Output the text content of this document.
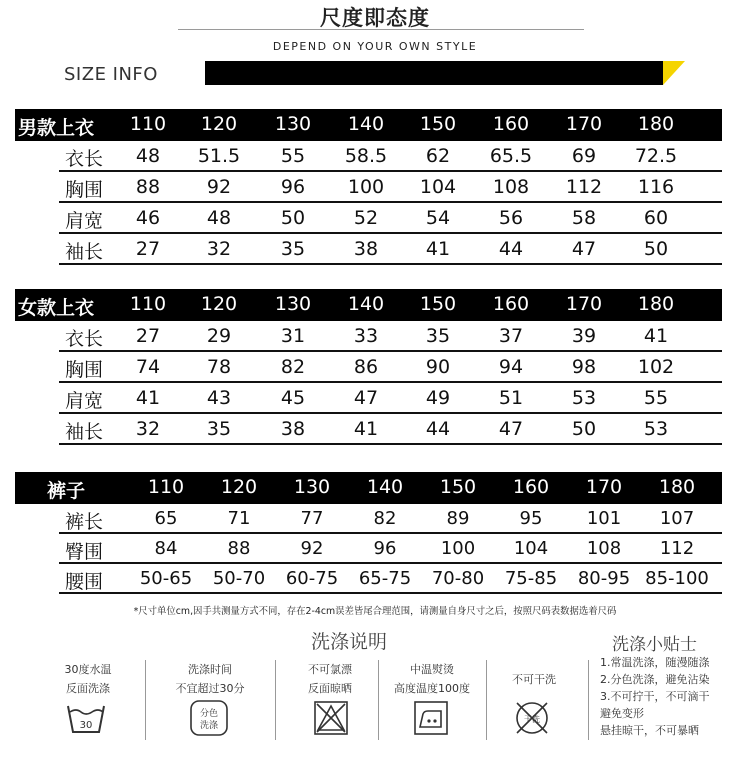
尺度即态度
DEPEND ON YOUR OWN STYLE
SIZE INFO
男款上衣 110 120 130 140 150 160 170 180
衣长 48 51.5 55 58.5 62 65.5 69 72.5
胸围 88 92	96 100 104 108 112 116
肩宽 46 48	50	52	54	56	58	60
袖长 27 32	35	38	41	44	47	50
女款上衣 110 120 130 140 150 160 170 180
衣长 27 29	31	33	35	37	39	41
胸围 74 78	82	86	90	94	98 102
肩宽 41 43	45	47	49	51	53	55
袖长 32 35	38	41	44	47	50	53
裤子	110 120 130 140 150 160 170 180
裤长	65	71	77	82	89	95 101 107
臀围	84	88	92	96 100 104 108 112
腰围 50-65 50-70 60-75 65-75 70-80 75-85 80-95 85-100
*尺寸单位cm,因手共测量方式不同，存在2-4cm误差皆尾合理范围，请测量自身尺寸之后，按照尺码表数据选着尺码
洗涤说明	洗涤小贴士
30度水温
反面洗涤
30
洗涤时间
不宜超过30分
分色
洗涤
不可氯漂
反面晾晒
中温熨烫
高度温度100度
不可干洗
干洗
1.常温洗涤，随漫随涤
2.分色洗涤，避免沾染
3.不可拧干，不可滴干
避免变形
悬挂晾干，不可暴晒
